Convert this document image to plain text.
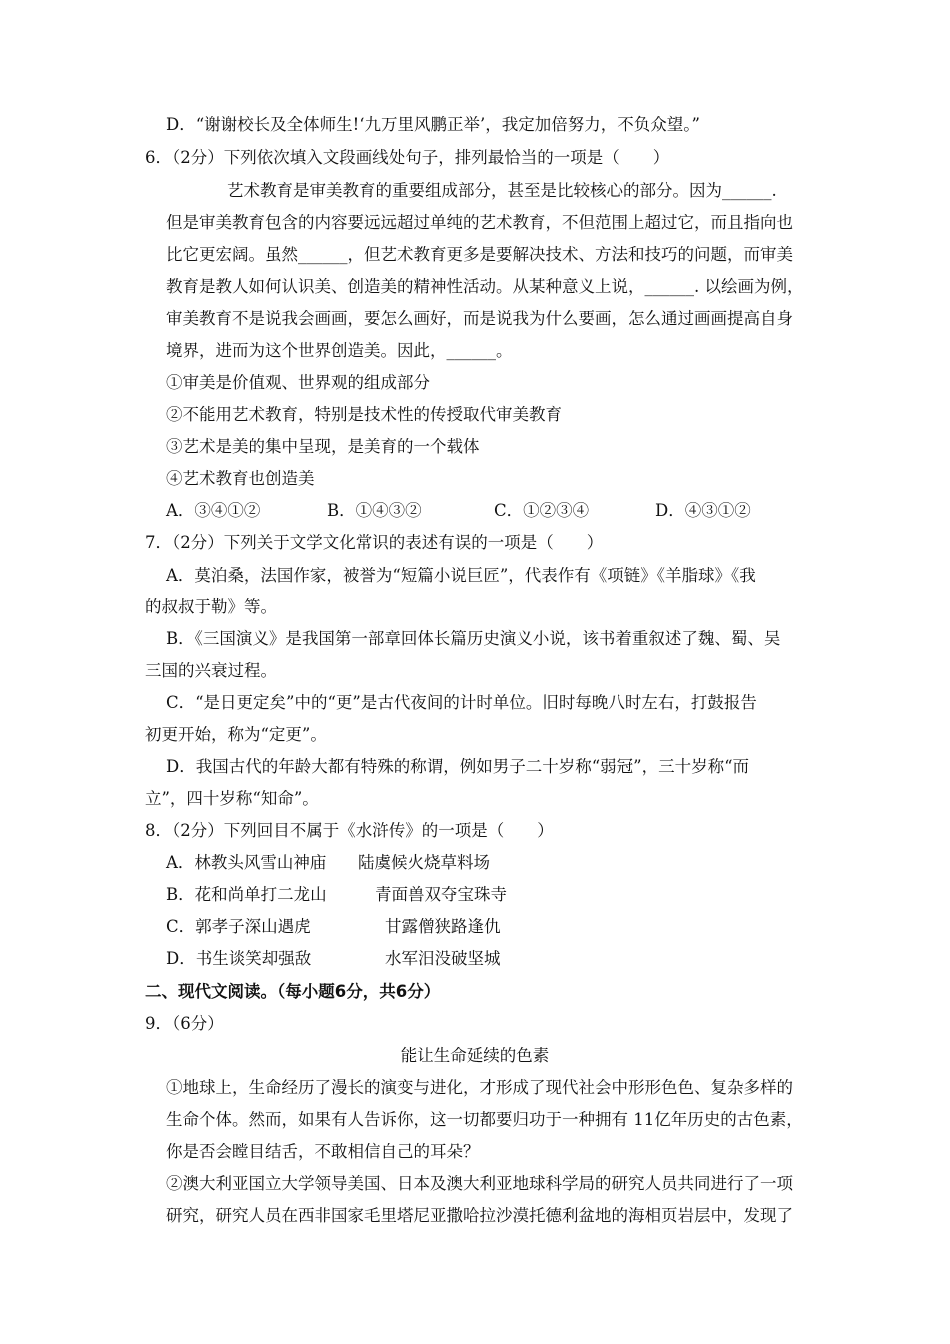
D．“谢谢校长及全体师生!‘九万里风鹏正举’，我定加倍努力，不负众望。”
6．（2分）下列依次填入文段画线处句子，排列最恰当的一项是（　　）
艺术教育是审美教育的重要组成部分，甚至是比较核心的部分。因为______.
但是审美教育包含的内容要远远超过单纯的艺术教育，不但范围上超过它，而且指向也
比它更宏阔。虽然______，但艺术教育更多是要解决技术、方法和技巧的问题，而审美
教育是教人如何认识美、创造美的精神性活动。从某种意义上说，______. 以绘画为例，
审美教育不是说我会画画，要怎么画好，而是说我为什么要画，怎么通过画画提高自身
境界，进而为这个世界创造美。因此，______。
①审美是价值观、世界观的组成部分
②不能用艺术教育，特别是技术性的传授取代审美教育
③艺术是美的集中呈现，是美育的一个载体
④艺术教育也创造美
A．③④①②	B．①④③②	C．①②③④	D．④③①②
7．（2分）下列关于文学文化常识的表述有误的一项是（　　）
A．莫泊桑，法国作家，被誉为“短篇小说巨匠”，代表作有《项链》《羊脂球》《我
的叔叔于勒》等。
B．《三国演义》是我国第一部章回体长篇历史演义小说，该书着重叙述了魏、蜀、吴
三国的兴衰过程。
C．“是日更定矣”中的“更”是古代夜间的计时单位。旧时每晚八时左右，打鼓报告
初更开始，称为“定更”。
D．我国古代的年龄大都有特殊的称谓，例如男子二十岁称“弱冠”，三十岁称“而
立”，四十岁称“知命”。
8．（2分）下列回目不属于《水浒传》的一项是（　　）
A．林教头风雪山神庙 陆虞候火烧草料场
B．花和尚单打二龙山	青面兽双夺宝珠寺
C．郭孝子深山遇虎	甘露僧狭路逢仇
D．书生谈笑却强敌	水军汨没破坚城
二、现代文阅读。（每小题6分，共6分）
9．（6分）
能让生命延续的色素
①地球上，生命经历了漫长的演变与进化，才形成了现代社会中形形色色、复杂多样的
生命个体。然而，如果有人告诉你，这一切都要归功于一种拥有 11亿年历史的古色素，
你是否会瞠目结舌，不敢相信自己的耳朵？
②澳大利亚国立大学领导美国、日本及澳大利亚地球科学局的研究人员共同进行了一项
研究，研究人员在西非国家毛里塔尼亚撒哈拉沙漠托德利盆地的海相页岩层中，发现了
